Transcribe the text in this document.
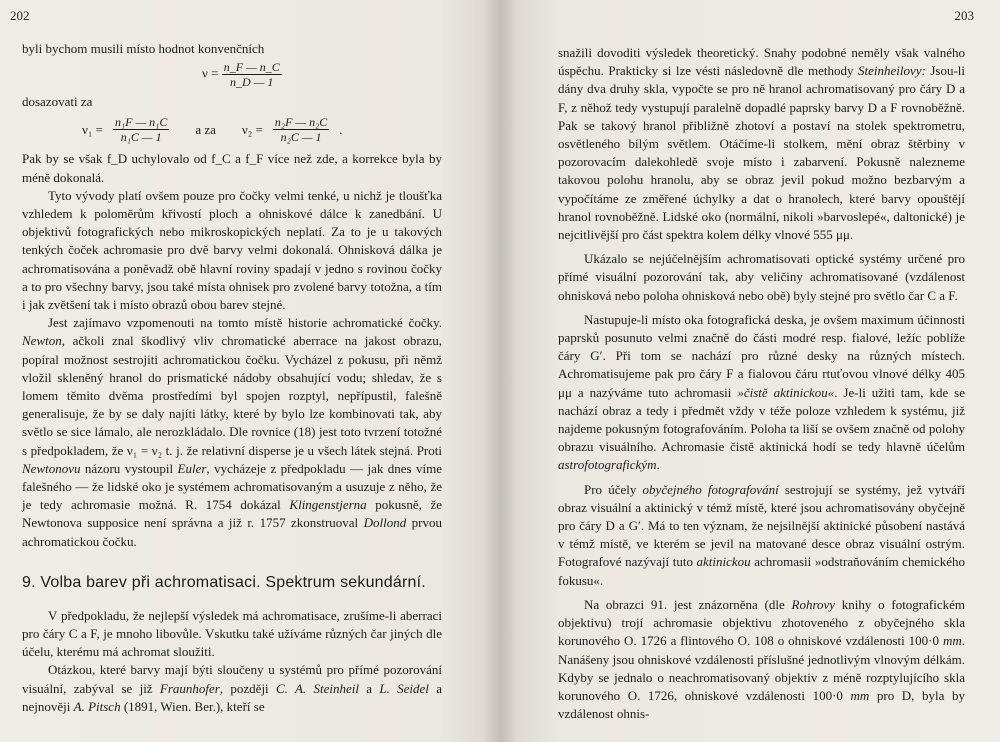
202

byli bychom musili místo hodnot konvenčních

$\nu = \frac{n\_F — n\_C}{n\_D — 1}$

dosazovati za

$\nu_1 = \frac{\text{n₁F — n₁C}}{\text{n₁C — 1}}$ a za $\nu_2 = \frac{\text{n₂F — n₂C}}{\text{n₂C — 1}}$ .

Pak by se však f_D uchylovalo od f_C a f_F více než zde, a korrekce byla by méně dokonalá.

Tyto vývody platí ovšem pouze pro čočky velmi tenké, u nichž je tloušťka vzhledem k poloměrům křivostí ploch a ohniskové dálce k zanedbání. U objektivů fotografických nebo mikroskopických neplatí. Za to je u takových tenkých čoček achromasie pro dvě barvy velmi dokonalá. Ohnisková dálka je achromatisována a poněvadž obě hlavní roviny spadají v jedno s rovinou čočky a to pro všechny barvy, jsou také místa ohnisek pro zvolené barvy totožna, a tím i jak zvětšení tak i místo obrazů obou barev stejné.

Jest zajímavo vzpomenouti na tomto místě historie achromatické čočky. Newton, ačkoli znal škodlivý vliv chromatické aberrace na jakost obrazu, popíral možnost sestrojiti achromatickou čočku. Vycházel z pokusu, při němž vložil skleněný hranol do prismatické nádoby obsahující vodu; shledav, že s lomem těmito dvěma prostředími byl spojen rozptyl, nepřípustil, falešně generalisuje, že by se daly najíti látky, které by bylo lze kombinovati tak, aby světlo se sice lámalo, ale nerozkládalo. Dle rovnice (18) jest toto tvrzení totožné s předpokladem, že ν₁ = ν₂ t. j. že relativní disperse je u všech látek stejná. Proti Newtonovu názoru vystoupil Euler, vycházeje z předpokladu — jak dnes víme falešného — že lidské oko je systémem achromatisovaným a usuzuje z něho, že je tedy achromasie možná. R. 1754 dokázal Klingenstjerna pokusně, že Newtonova supposice není správna a již r. 1757 zkonstruoval Dollond prvou achromatickou čočku.

9. Volba barev při achromatisaci. Spektrum sekundární.

V předpokladu, že nejlepší výsledek má achromatisace, zrušíme-li aberraci pro čáry C a F, je mnoho libovůle. Vskutku také užíváme různých čar jiných dle účelu, kterému má achromat sloužiti.

Otázkou, které barvy mají býti sloučeny u systémů pro přímé pozorování visuální, zabýval se již Fraunhofer, později C. A. Steinheil a L. Seidel a nejnověji A. Pitsch (1891, Wien. Ber.), kteří se

203

snažili dovoditi výsledek theoretický. Snahy podobné neměly však valného úspěchu. Prakticky si lze vésti následovně dle methody Steinheilovy: Jsou-li dány dva druhy skla, vypočte se pro ně hranol achromatisovaný pro čáry D a F, z něhož tedy vystupují paralelně dopadlé paprsky barvy D a F rovnoběžně. Pak se takový hranol přibližně zhotoví a postaví na stolek spektrometru, osvětleného bílým světlem. Otáčíme-li stolkem, mění obraz štěrbiny v pozorovacím dalekohledě svoje místo i zabarvení. Pokusně nalezneme takovou polohu hranolu, aby se obraz jevil pokud možno bezbarvým a vypočítáme ze změřené úchylky a dat o hranolech, které barvy opouštějí hranol rovnoběžně. Lidské oko (normální, nikoli »barvoslepé«, daltonické) je nejcitlivější pro část spektra kolem délky vlnové 555 μμ.

Ukázalo se nejúčelnějším achromatisovati optické systémy určené pro přímé visuální pozorování tak, aby veličiny achromatisované (vzdálenost ohnisková nebo poloha ohnisková nebo obě) byly stejné pro světlo čar C a F.

Nastupuje-li místo oka fotografická deska, je ovšem maximum účinnosti paprsků posunuto velmi značně do části modré resp. fialové, ležíc poblíže čáry G′. Při tom se nachází pro různé desky na různých místech. Achromatisujeme pak pro čáry F a fialovou čáru rtuťovou vlnové délky 405 μμ a nazýváme tuto achromasii »čistě aktinickou«. Je-li užiti tam, kde se nachází obraz a tedy i předmět vždy v téže poloze vzhledem k systému, již najdeme pokusným fotografováním. Poloha ta liší se ovšem značně od polohy obrazu visuálního. Achromasie čistě aktinická hodí se tedy hlavně účelům astrofotografickým.

Pro účely obyčejného fotografování sestrojují se systémy, jež vytváří obraz visuální a aktinický v témž místě, které jsou achromatisovány obyčejně pro čáry D a G′. Má to ten význam, že nejsilnější aktinické působení nastává v témž místě, ve kterém se jevil na matované desce obraz visuální ostrým. Fotografové nazývají tuto aktinickou achromasii »odstraňováním chemického fokusu«.

Na obrazci 91. jest znázorněna (dle Rohrovy knihy o fotografickém objektivu) trojí achromasie objektivu zhotoveného z obyčejného skla korunového O. 1726 a flintového O. 108 o ohniskové vzdálenosti 100·0 mm. Nanášeny jsou ohniskové vzdálenosti příslušné jednotlivým vlnovým délkám. Kdyby se jednalo o neachromatisovaný objektiv z méně rozptylujícího skla korunového O. 1726, ohniskové vzdálenosti 100·0 mm pro D, byla by vzdálenost ohnis-
